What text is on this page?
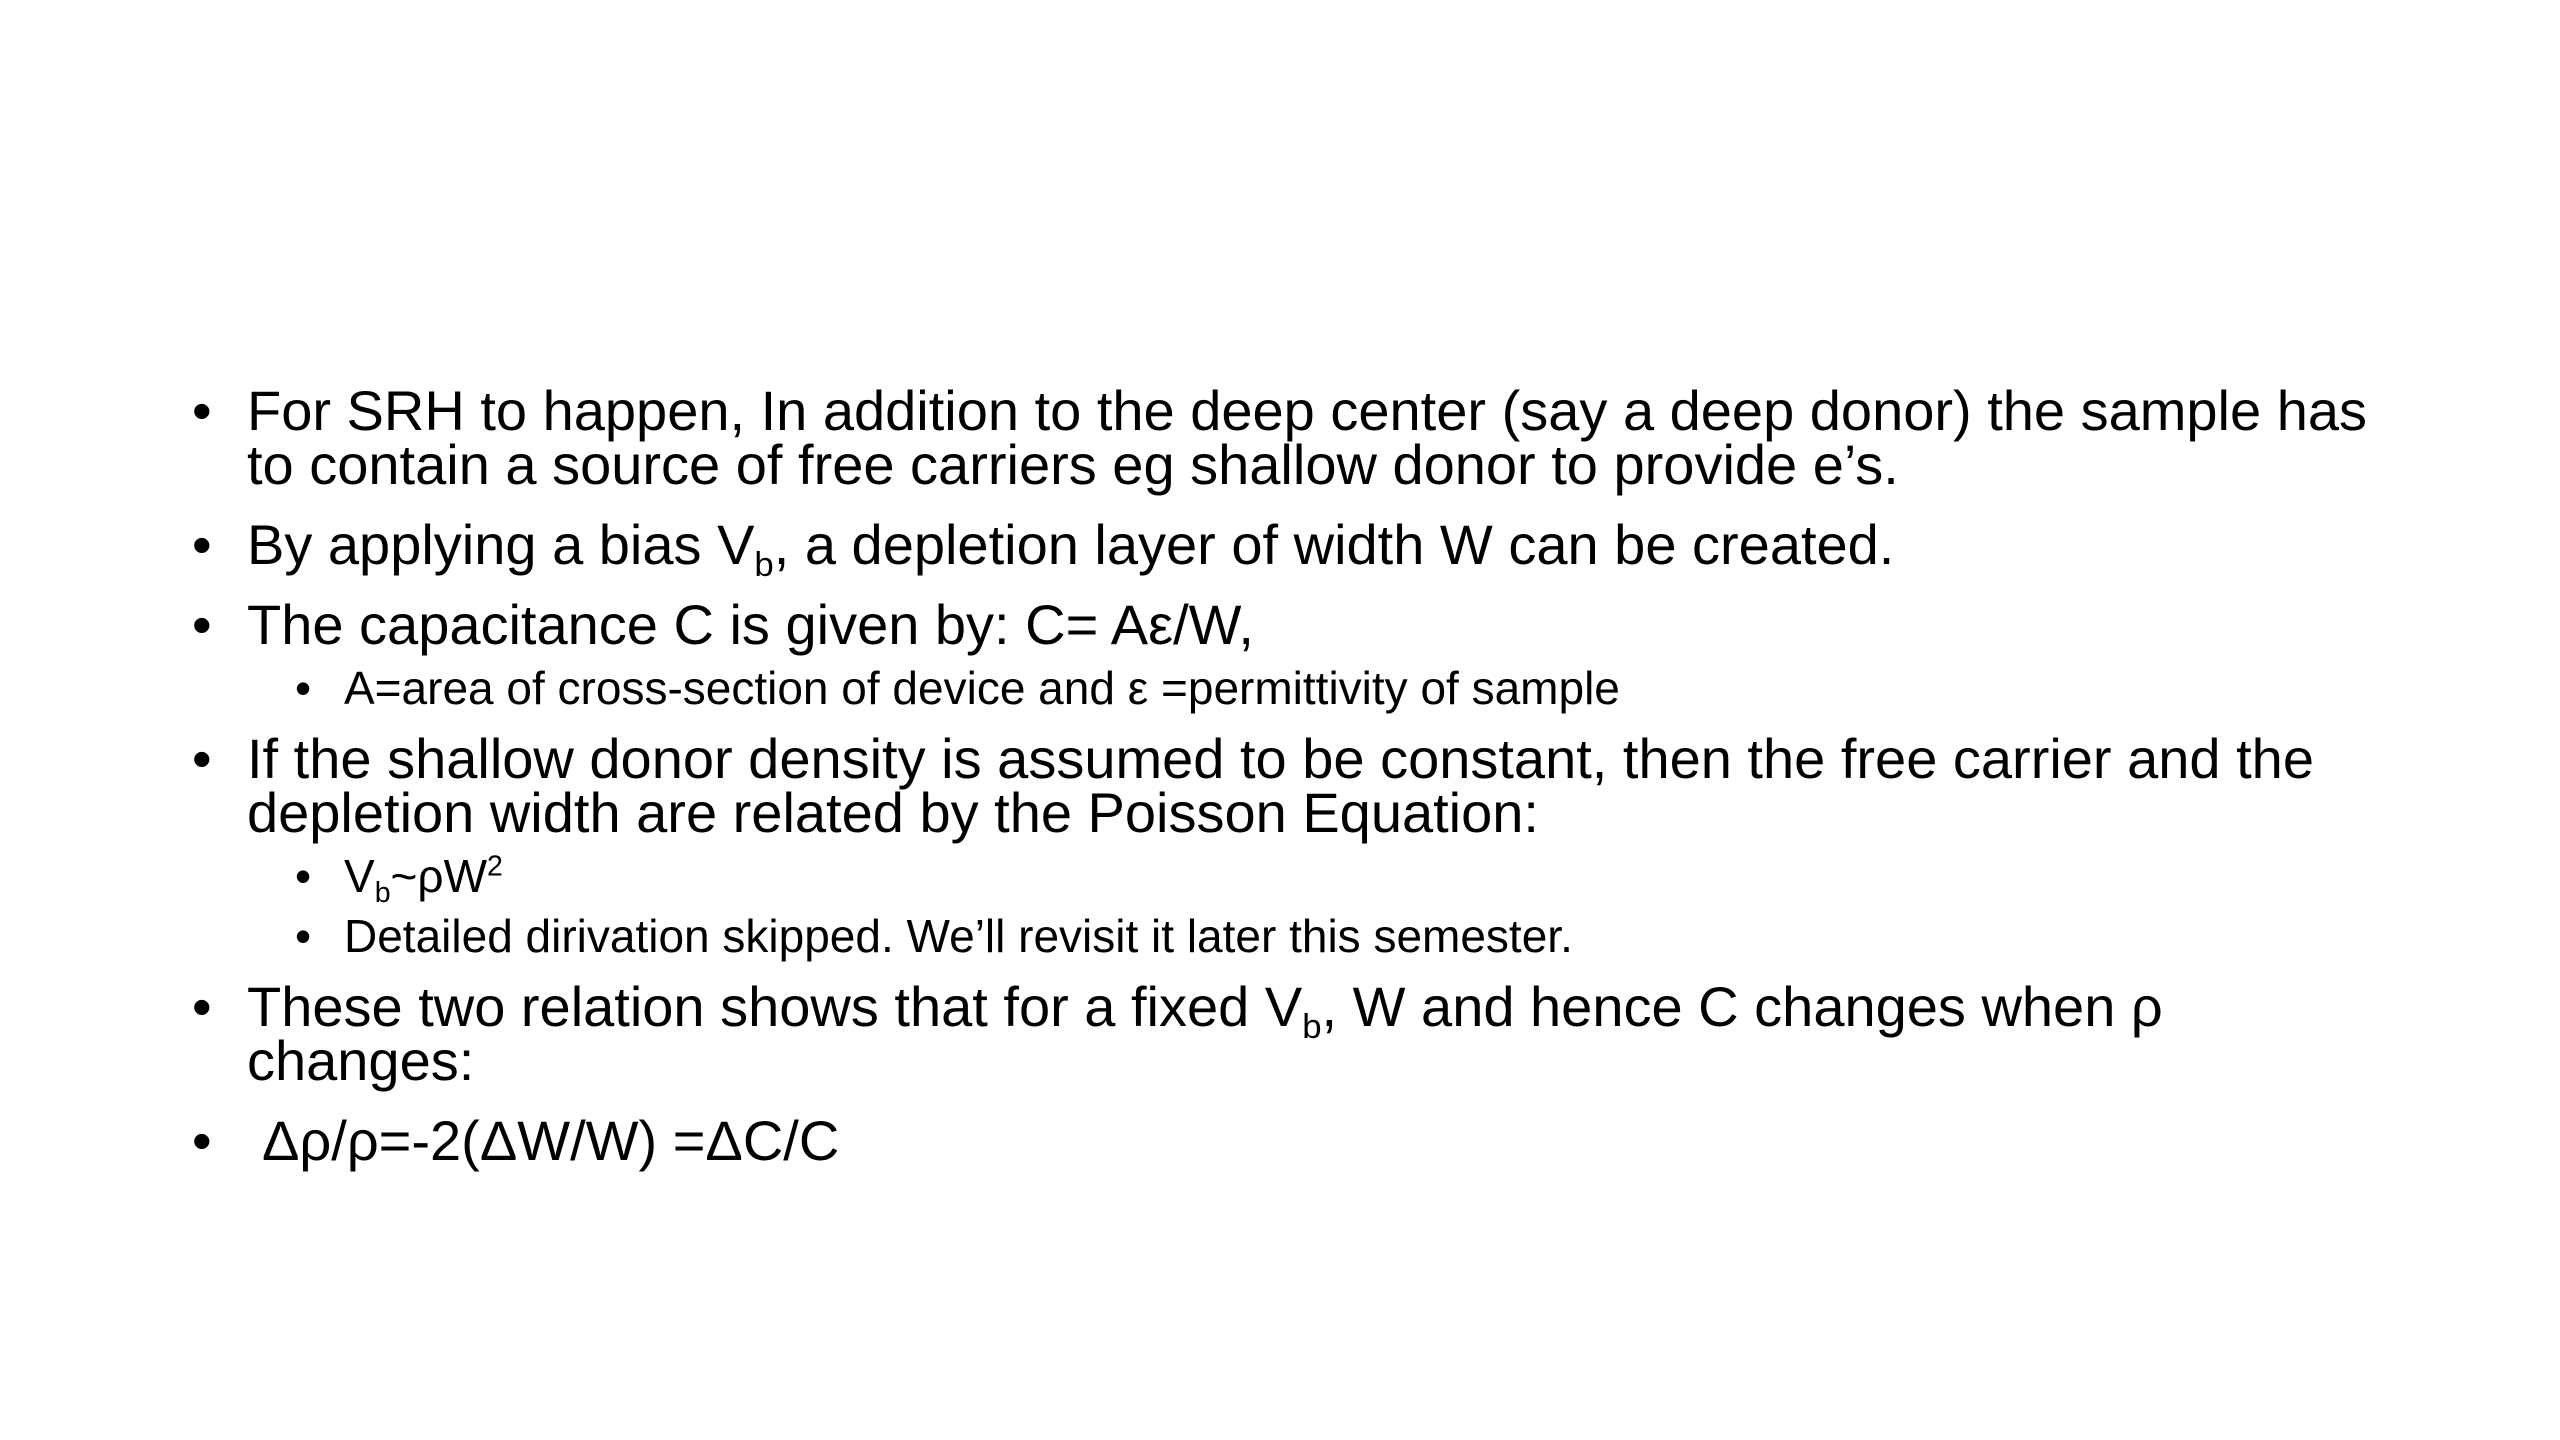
• For SRH to happen, In addition to the deep center (say a deep donor) the sample has to contain a source of free carriers eg shallow donor to provide e’s.
• By applying a bias $V_b$, a depletion layer of width W can be created.
• The capacitance C is given by: C= Aε/W,
• A=area of cross-section of device and ε =permittivity of sample
• If the shallow donor density is assumed to be constant, then the free carrier and the depletion width are related by the Poisson Equation:
• $V_b\sim\rho W^2$
• Detailed dirivation skipped. We’ll revisit it later this semester.
• These two relation shows that for a fixed $V_b$, W and hence C changes when ρ changes:
• Δρ/ρ=-2(ΔW/W) =ΔC/C
